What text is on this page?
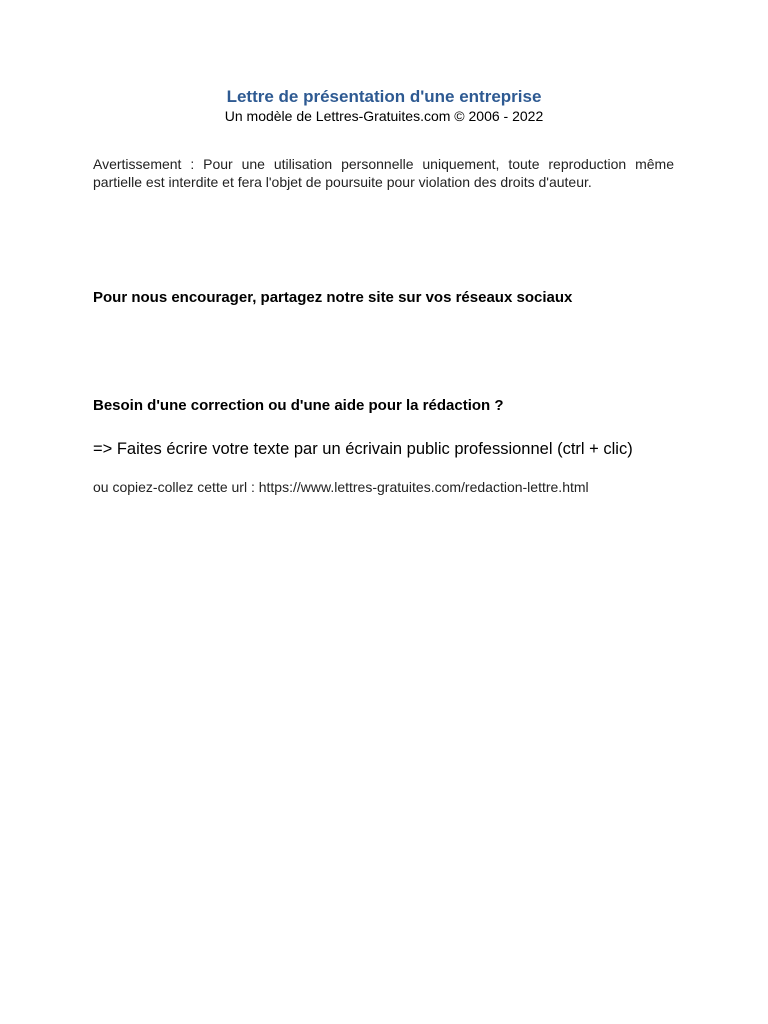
Lettre de présentation d'une entreprise

Un modèle de Lettres-Gratuites.com © 2006 - 2022

Avertissement : Pour une utilisation personnelle uniquement, toute reproduction même partielle est interdite et fera l'objet de poursuite pour violation des droits d'auteur.

Pour nous encourager, partagez notre site sur vos réseaux sociaux

Besoin d'une correction ou d'une aide pour la rédaction ?

=> Faites écrire votre texte par un écrivain public professionnel (ctrl + clic)

ou copiez-collez cette url : https://www.lettres-gratuites.com/redaction-lettre.html
